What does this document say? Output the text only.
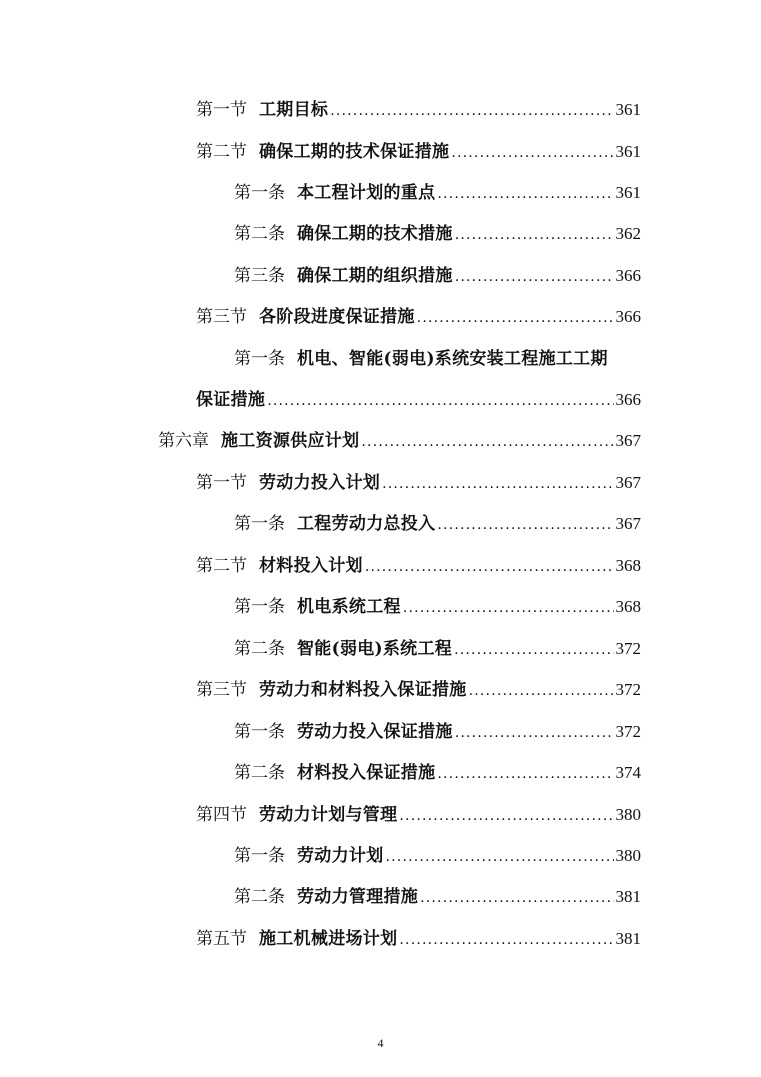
第一节 工期目标 .....	361
第二节 确保工期的技术保证措施 .....	361
第一条 本工程计划的重点 .....	361
第二条 确保工期的技术措施 .....	362
第三条 确保工期的组织措施 .....	366
第三节 各阶段进度保证措施 .....	366
第一条 机电、智能(弱电)系统安装工程施工工期
保证措施 .....	366
第六章 施工资源供应计划 .....	367
第一节 劳动力投入计划 .....	367
第一条 工程劳动力总投入 .....	367
第二节 材料投入计划 .....	368
第一条 机电系统工程 .....	368
第二条 智能(弱电)系统工程 .....	372
第三节 劳动力和材料投入保证措施 .....	372
第一条 劳动力投入保证措施 .....	372
第二条 材料投入保证措施 .....	374
第四节 劳动力计划与管理 .....	380
第一条 劳动力计划 .....	380
第二条 劳动力管理措施 .....	381
第五节 施工机械进场计划 .....	381
4
